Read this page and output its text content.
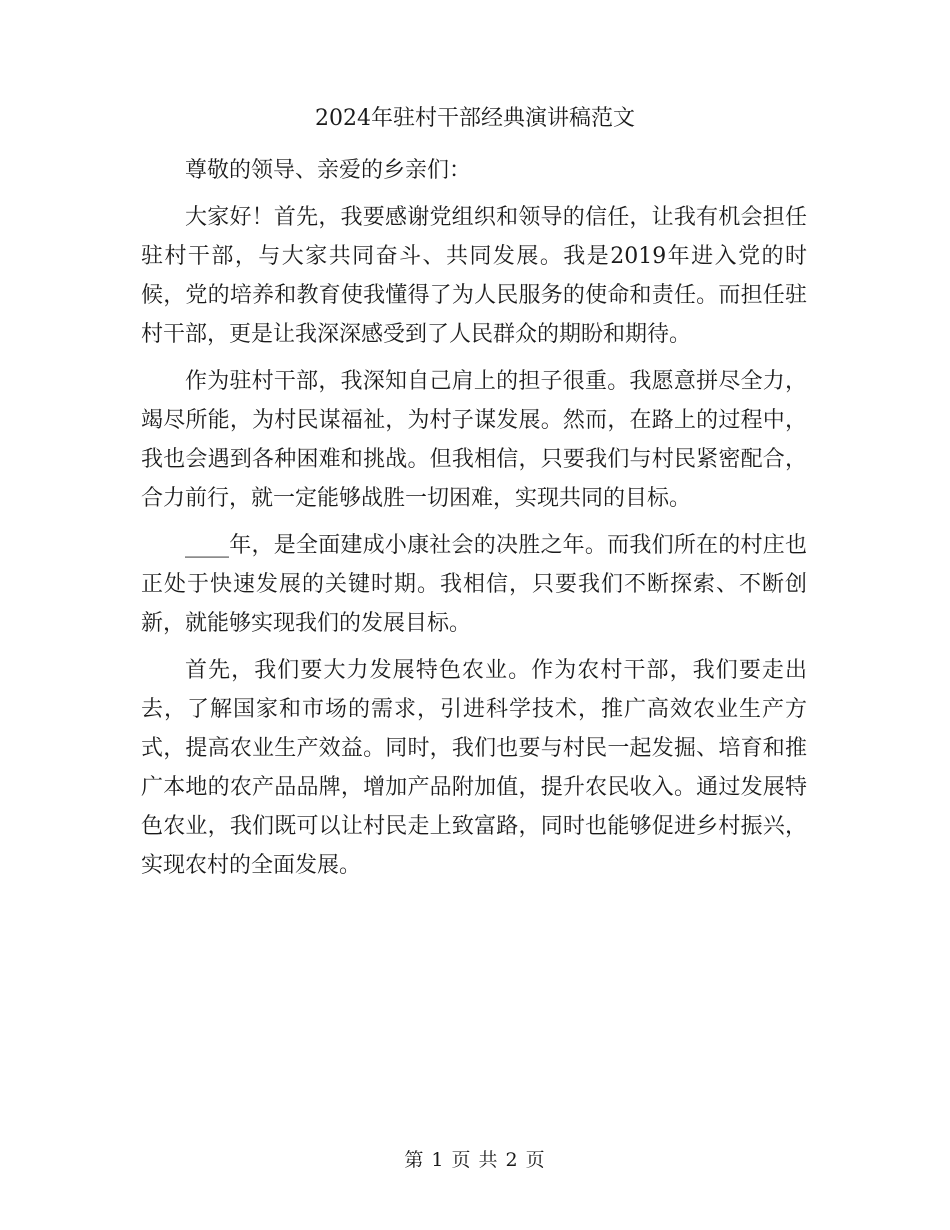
2024年驻村干部经典演讲稿范文

尊敬的领导、亲爱的乡亲们：

大家好！首先，我要感谢党组织和领导的信任，让我有机会担任驻村干部，与大家共同奋斗、共同发展。我是2019年进入党的时候，党的培养和教育使我懂得了为人民服务的使命和责任。而担任驻村干部，更是让我深深感受到了人民群众的期盼和期待。

作为驻村干部，我深知自己肩上的担子很重。我愿意拼尽全力，竭尽所能，为村民谋福祉，为村子谋发展。然而，在路上的过程中，我也会遇到各种困难和挑战。但我相信，只要我们与村民紧密配合，合力前行，就一定能够战胜一切困难，实现共同的目标。

____年，是全面建成小康社会的决胜之年。而我们所在的村庄也正处于快速发展的关键时期。我相信，只要我们不断探索、不断创新，就能够实现我们的发展目标。

首先，我们要大力发展特色农业。作为农村干部，我们要走出去，了解国家和市场的需求，引进科学技术，推广高效农业生产方式，提高农业生产效益。同时，我们也要与村民一起发掘、培育和推广本地的农产品品牌，增加产品附加值，提升农民收入。通过发展特色农业，我们既可以让村民走上致富路，同时也能够促进乡村振兴，实现农村的全面发展。

第 1 页 共 2 页
